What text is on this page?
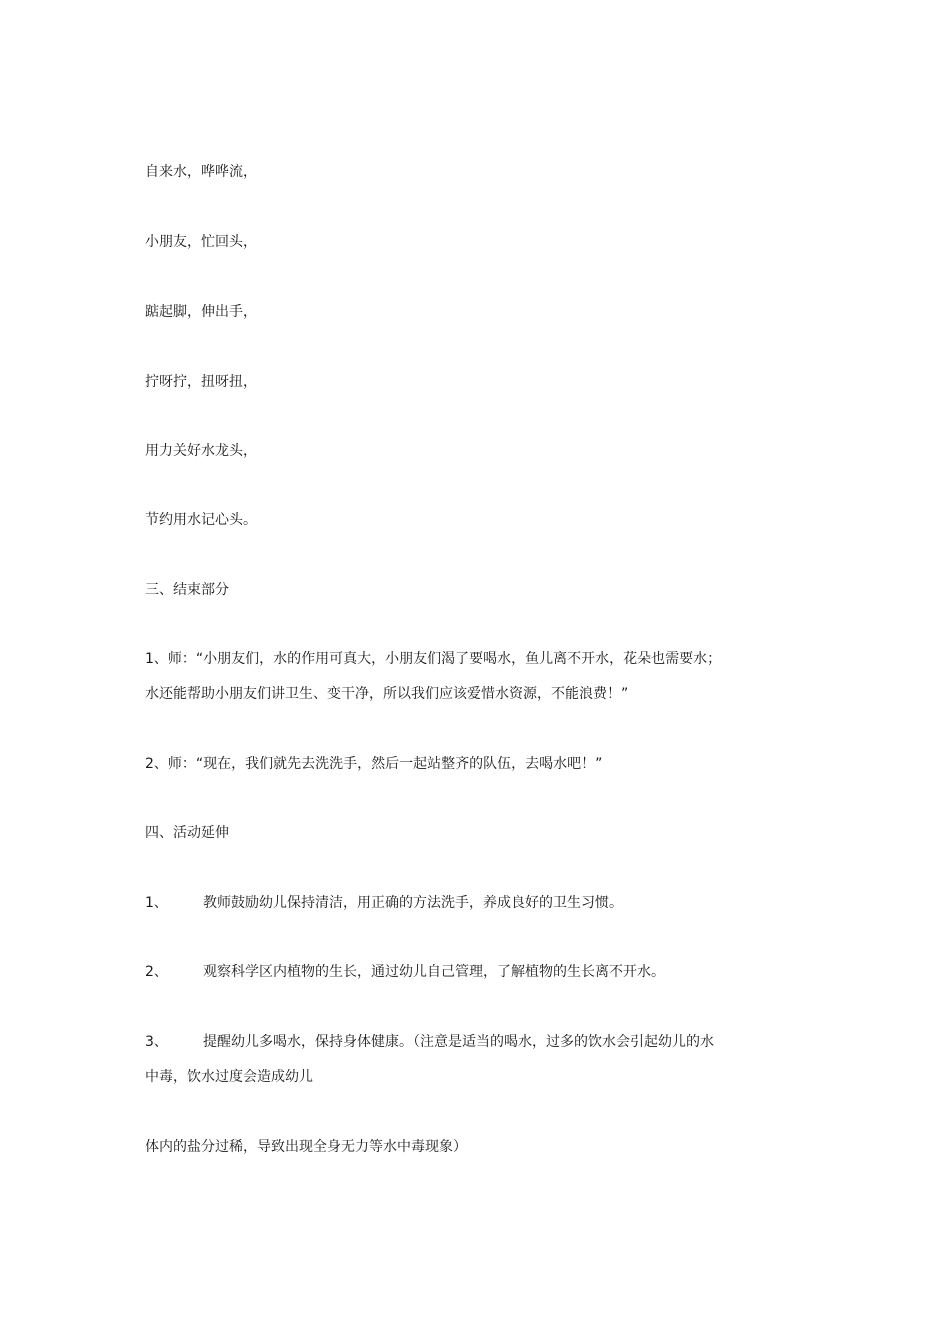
自来水，哗哗流，
小朋友，忙回头，
踮起脚，伸出手，
拧呀拧，扭呀扭，
用力关好水龙头，
节约用水记心头。
三、结束部分
1、师：“小朋友们，水的作用可真大，小朋友们渴了要喝水，鱼儿离不开水，花朵也需要水；
水还能帮助小朋友们讲卫生、变干净，所以我们应该爱惜水资源，不能浪费！”
2、师：“现在，我们就先去洗洗手，然后一起站整齐的队伍，去喝水吧！”
四、活动延伸
1、	教师鼓励幼儿保持清洁，用正确的方法洗手，养成良好的卫生习惯。
2、	观察科学区内植物的生长，通过幼儿自己管理，了解植物的生长离不开水。
3、	提醒幼儿多喝水，保持身体健康。（注意是适当的喝水，过多的饮水会引起幼儿的水
中毒，饮水过度会造成幼儿
体内的盐分过稀，导致出现全身无力等水中毒现象）
